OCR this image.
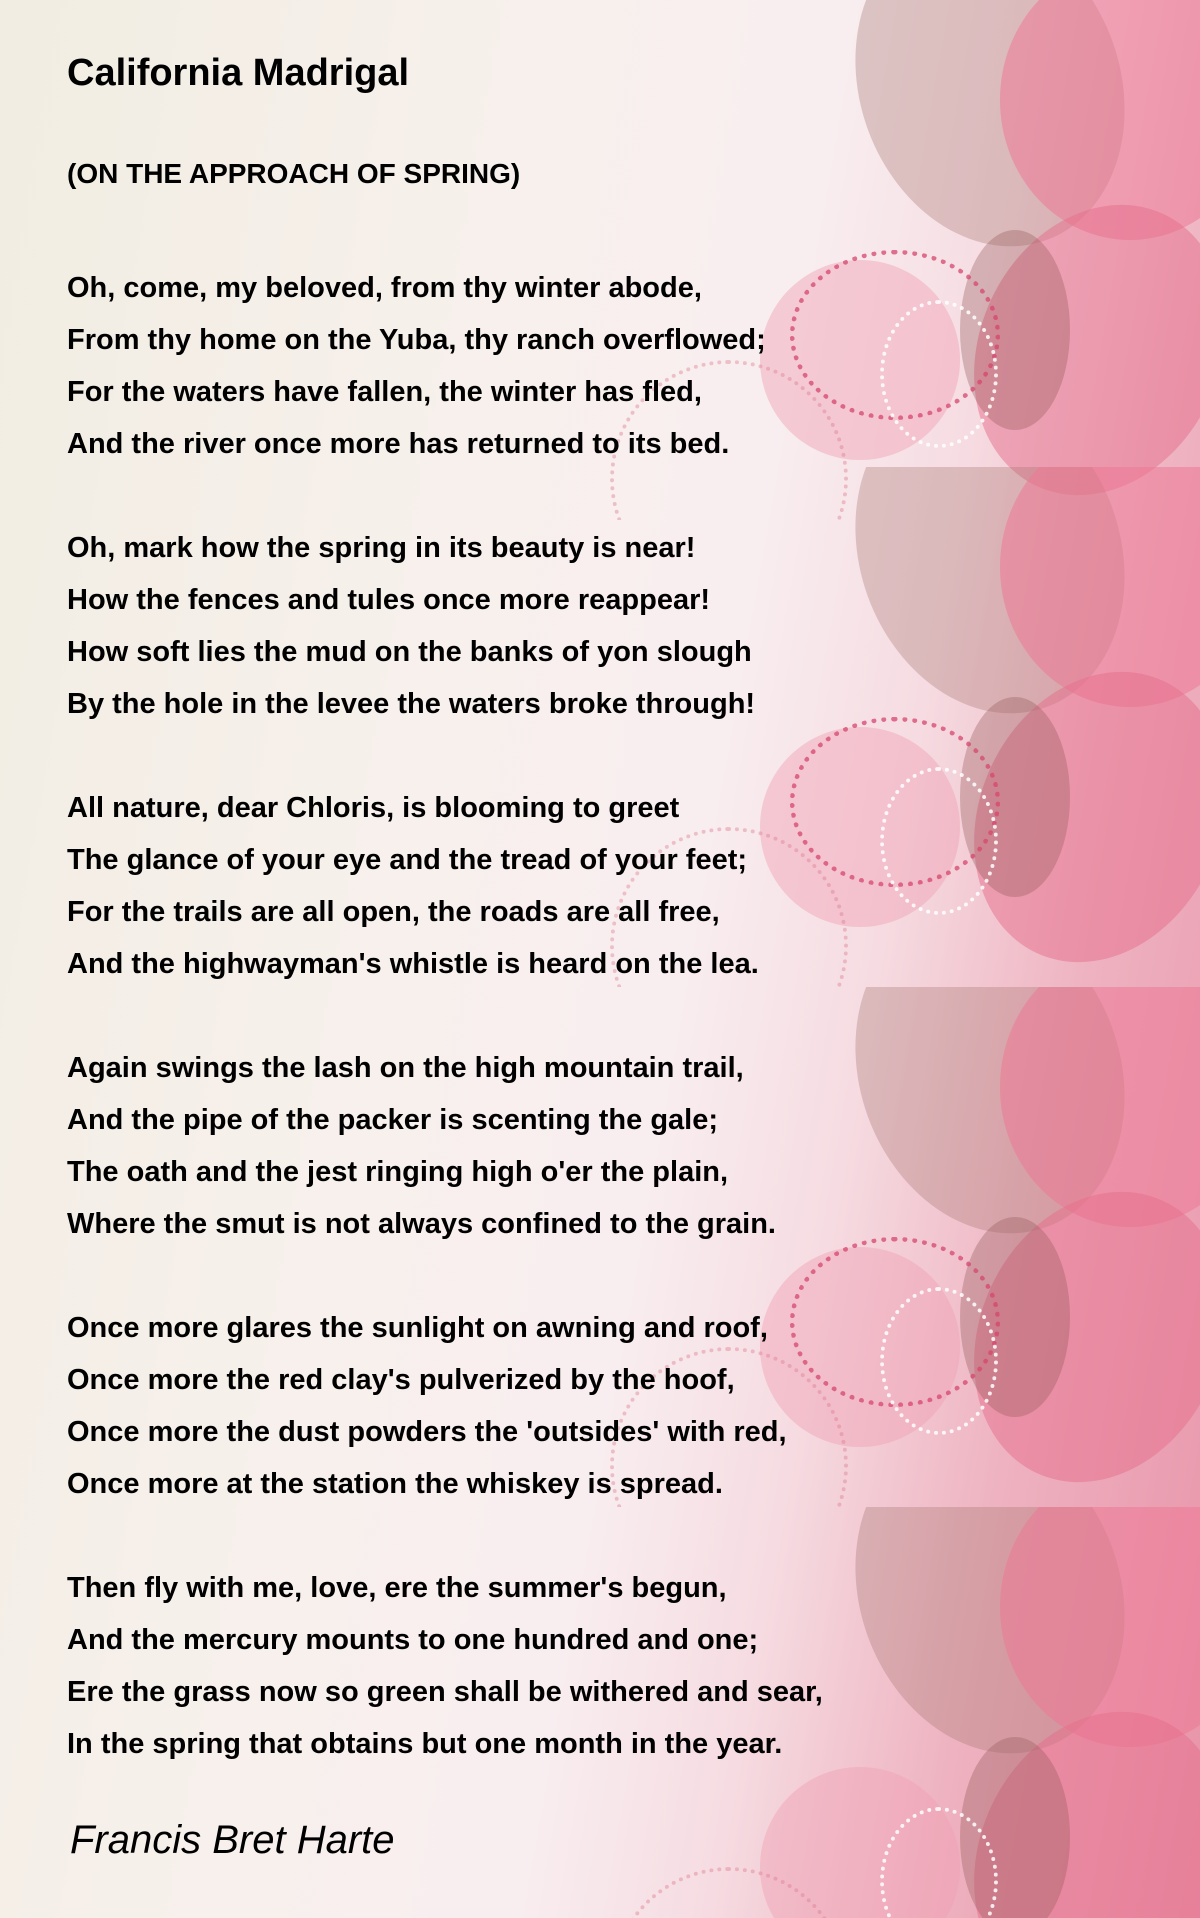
California Madrigal
(ON THE APPROACH OF SPRING)

Oh, come, my beloved, from thy winter abode,
From thy home on the Yuba, thy ranch overflowed;
For the waters have fallen, the winter has fled,
And the river once more has returned to its bed.

Oh, mark how the spring in its beauty is near!
How the fences and tules once more reappear!
How soft lies the mud on the banks of yon slough
By the hole in the levee the waters broke through!

All nature, dear Chloris, is blooming to greet
The glance of your eye and the tread of your feet;
For the trails are all open, the roads are all free,
And the highwayman's whistle is heard on the lea.

Again swings the lash on the high mountain trail,
And the pipe of the packer is scenting the gale;
The oath and the jest ringing high o'er the plain,
Where the smut is not always confined to the grain.

Once more glares the sunlight on awning and roof,
Once more the red clay's pulverized by the hoof,
Once more the dust powders the 'outsides' with red,
Once more at the station the whiskey is spread.

Then fly with me, love, ere the summer's begun,
And the mercury mounts to one hundred and one;
Ere the grass now so green shall be withered and sear,
In the spring that obtains but one month in the year.

Francis Bret Harte
